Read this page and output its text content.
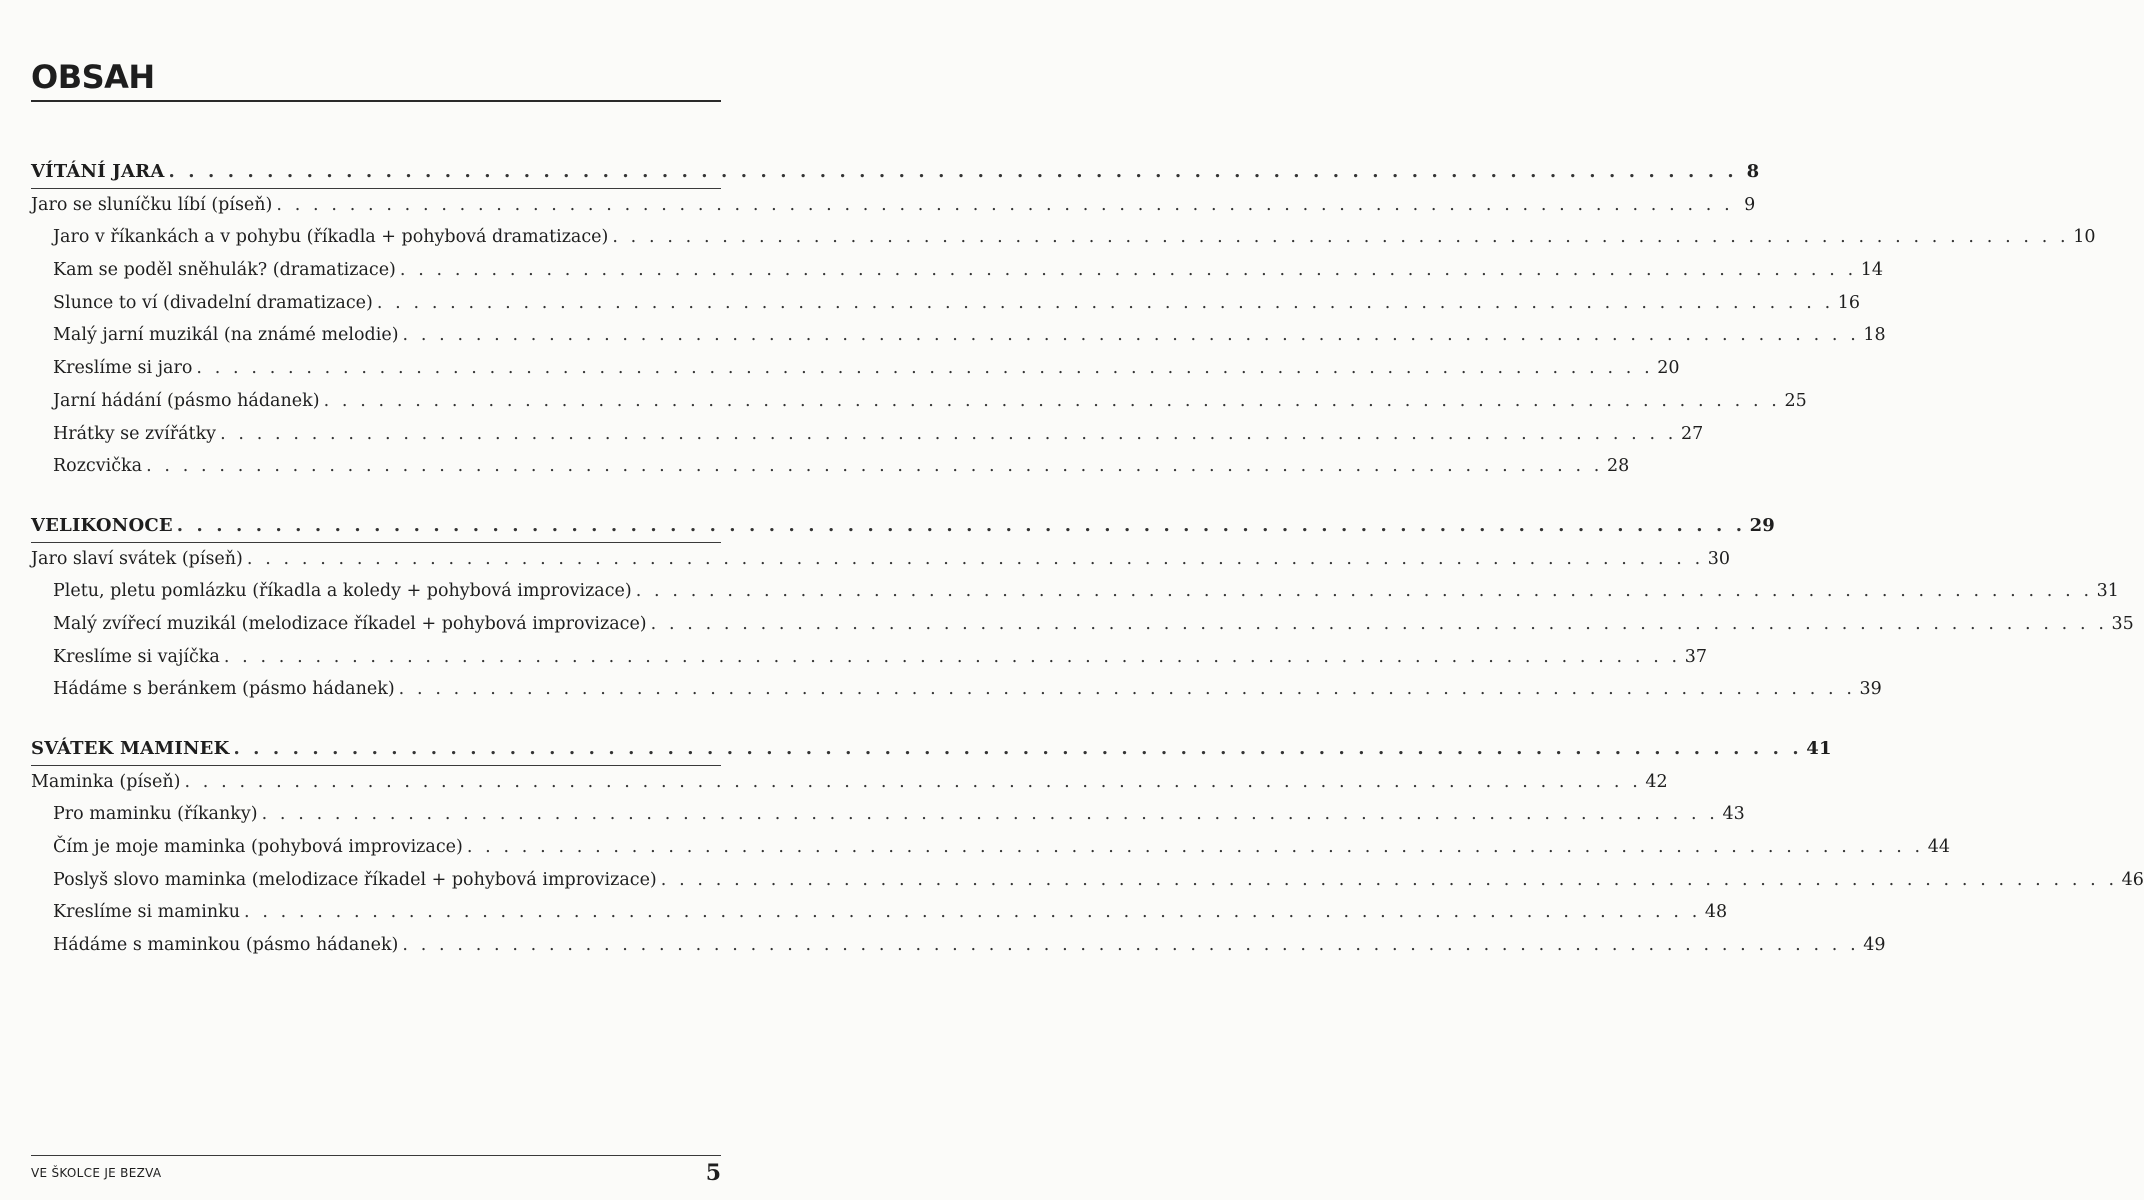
OBSAH
VÍTÁNÍ JARA . . . . . . . . . . . . . . . . . . . . . . . . . . . . . . . . . . . . . . . . . . . . . . . . . . . . . . . . . . . . . . . . . . . . . . . . . . . . . . . . 8
Jaro se sluníčku líbí (píseň) . . . . . . . . . . . . . . . . . . . . . . . . . . . . . . . . . . . . . . . . . . . . . . . . . . . . . . . . . . . . . . . . . . . . . . . . . . . . . . . . 9
Jaro v říkankách a v pohybu (říkadla + pohybová dramatizace) . . . . . . . . . . . . . . . . . . . . . . . . . . . . . . . . . . . . . . . . . . . . . . . . . . . . . . . . . . . . . . . . . . . . . . . . . . . . . . . . 10
Kam se poděl sněhulák? (dramatizace) . . . . . . . . . . . . . . . . . . . . . . . . . . . . . . . . . . . . . . . . . . . . . . . . . . . . . . . . . . . . . . . . . . . . . . . . . . . . . . . . 14
Slunce to ví (divadelní dramatizace) . . . . . . . . . . . . . . . . . . . . . . . . . . . . . . . . . . . . . . . . . . . . . . . . . . . . . . . . . . . . . . . . . . . . . . . . . . . . . . . . 16
Malý jarní muzikál (na známé melodie) . . . . . . . . . . . . . . . . . . . . . . . . . . . . . . . . . . . . . . . . . . . . . . . . . . . . . . . . . . . . . . . . . . . . . . . . . . . . . . . . 18
Kreslíme si jaro . . . . . . . . . . . . . . . . . . . . . . . . . . . . . . . . . . . . . . . . . . . . . . . . . . . . . . . . . . . . . . . . . . . . . . . . . . . . . . . . 20
Jarní hádání (pásmo hádanek) . . . . . . . . . . . . . . . . . . . . . . . . . . . . . . . . . . . . . . . . . . . . . . . . . . . . . . . . . . . . . . . . . . . . . . . . . . . . . . . . 25
Hrátky se zvířátky . . . . . . . . . . . . . . . . . . . . . . . . . . . . . . . . . . . . . . . . . . . . . . . . . . . . . . . . . . . . . . . . . . . . . . . . . . . . . . . . 27
Rozcvička . . . . . . . . . . . . . . . . . . . . . . . . . . . . . . . . . . . . . . . . . . . . . . . . . . . . . . . . . . . . . . . . . . . . . . . . . . . . . . . . 28
VELIKONOCE . . . . . . . . . . . . . . . . . . . . . . . . . . . . . . . . . . . . . . . . . . . . . . . . . . . . . . . . . . . . . . . . . . . . . . . . . . . . . . . . 29
Jaro slaví svátek (píseň) . . . . . . . . . . . . . . . . . . . . . . . . . . . . . . . . . . . . . . . . . . . . . . . . . . . . . . . . . . . . . . . . . . . . . . . . . . . . . . . . 30
Pletu, pletu pomlázku (říkadla a koledy + pohybová improvizace) . . . . . . . . . . . . . . . . . . . . . . . . . . . . . . . . . . . . . . . . . . . . . . . . . . . . . . . . . . . . . . . . . . . . . . . . . . . . . . . . 31
Malý zvířecí muzikál (melodizace říkadel + pohybová improvizace) . . . . . . . . . . . . . . . . . . . . . . . . . . . . . . . . . . . . . . . . . . . . . . . . . . . . . . . . . . . . . . . . . . . . . . . . . . . . . . . . 35
Kreslíme si vajíčka . . . . . . . . . . . . . . . . . . . . . . . . . . . . . . . . . . . . . . . . . . . . . . . . . . . . . . . . . . . . . . . . . . . . . . . . . . . . . . . . 37
Hádáme s beránkem (pásmo hádanek) . . . . . . . . . . . . . . . . . . . . . . . . . . . . . . . . . . . . . . . . . . . . . . . . . . . . . . . . . . . . . . . . . . . . . . . . . . . . . . . . 39
SVÁTEK MAMINEK . . . . . . . . . . . . . . . . . . . . . . . . . . . . . . . . . . . . . . . . . . . . . . . . . . . . . . . . . . . . . . . . . . . . . . . . . . . . . . . . 41
Maminka (píseň) . . . . . . . . . . . . . . . . . . . . . . . . . . . . . . . . . . . . . . . . . . . . . . . . . . . . . . . . . . . . . . . . . . . . . . . . . . . . . . . . 42
Pro maminku (říkanky) . . . . . . . . . . . . . . . . . . . . . . . . . . . . . . . . . . . . . . . . . . . . . . . . . . . . . . . . . . . . . . . . . . . . . . . . . . . . . . . . 43
Čím je moje maminka (pohybová improvizace) . . . . . . . . . . . . . . . . . . . . . . . . . . . . . . . . . . . . . . . . . . . . . . . . . . . . . . . . . . . . . . . . . . . . . . . . . . . . . . . . 44
Poslyš slovo maminka (melodizace říkadel + pohybová improvizace) . . . . . . . . . . . . . . . . . . . . . . . . . . . . . . . . . . . . . . . . . . . . . . . . . . . . . . . . . . . . . . . . . . . . . . . . . . . . . . . . 46
Kreslíme si maminku . . . . . . . . . . . . . . . . . . . . . . . . . . . . . . . . . . . . . . . . . . . . . . . . . . . . . . . . . . . . . . . . . . . . . . . . . . . . . . . . 48
Hádáme s maminkou (pásmo hádanek) . . . . . . . . . . . . . . . . . . . . . . . . . . . . . . . . . . . . . . . . . . . . . . . . . . . . . . . . . . . . . . . . . . . . . . . . . . . . . . . . 49
VE ŠKOLCE JE BEZVA	5
